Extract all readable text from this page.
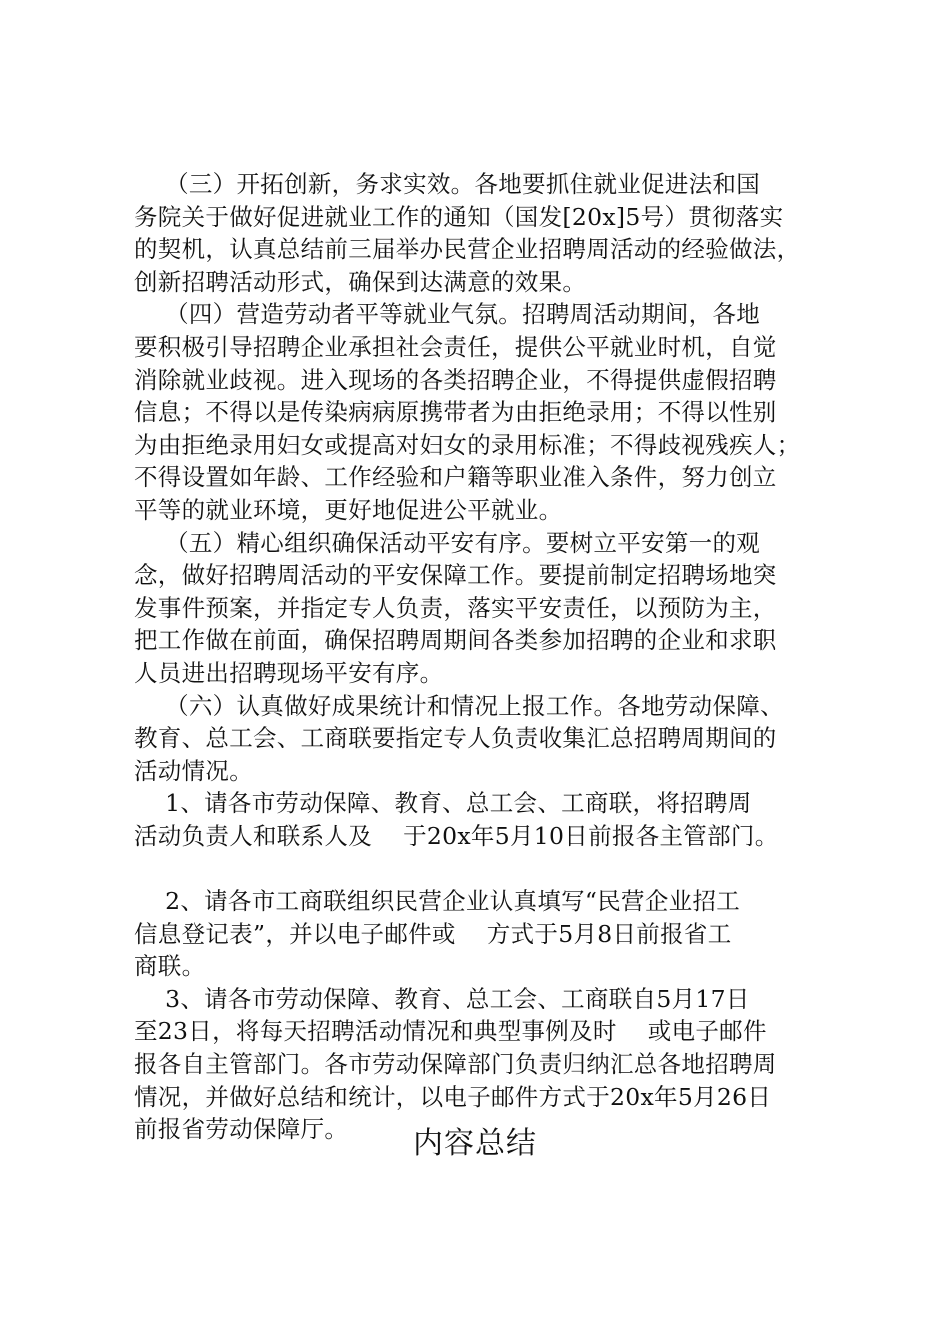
（三）开拓创新，务求实效。各地要抓住就业促进法和国
务院关于做好促进就业工作的通知（国发[20x]5号）贯彻落实
的契机，认真总结前三届举办民营企业招聘周活动的经验做法，
创新招聘活动形式，确保到达满意的效果。
（四）营造劳动者平等就业气氛。招聘周活动期间，各地
要积极引导招聘企业承担社会责任，提供公平就业时机，自觉
消除就业歧视。进入现场的各类招聘企业，不得提供虚假招聘
信息；不得以是传染病病原携带者为由拒绝录用；不得以性别
为由拒绝录用妇女或提高对妇女的录用标准；不得歧视残疾人；
不得设置如年龄、工作经验和户籍等职业准入条件，努力创立
平等的就业环境，更好地促进公平就业。
（五）精心组织确保活动平安有序。要树立平安第一的观
念，做好招聘周活动的平安保障工作。要提前制定招聘场地突
发事件预案，并指定专人负责，落实平安责任，以预防为主，
把工作做在前面，确保招聘周期间各类参加招聘的企业和求职
人员进出招聘现场平安有序。
（六）认真做好成果统计和情况上报工作。各地劳动保障、
教育、总工会、工商联要指定专人负责收集汇总招聘周期间的
活动情况。
1、请各市劳动保障、教育、总工会、工商联，将招聘周
活动负责人和联系人及    于20x年5月10日前报各主管部门。
2、请各市工商联组织民营企业认真填写“民营企业招工
信息登记表”，并以电子邮件或    方式于5月8日前报省工
商联。
3、请各市劳动保障、教育、总工会、工商联自5月17日
至23日，将每天招聘活动情况和典型事例及时    或电子邮件
报各自主管部门。各市劳动保障部门负责归纳汇总各地招聘周
情况，并做好总结和统计，以电子邮件方式于20x年5月26日
前报省劳动保障厅。	内容总结
